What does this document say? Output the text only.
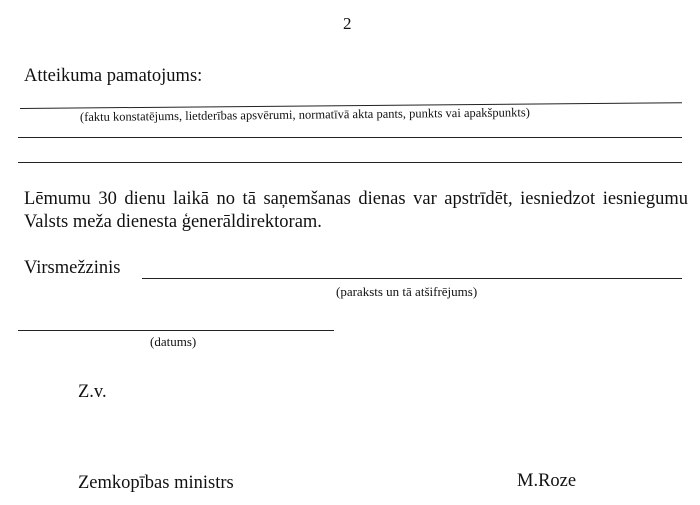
2
Atteikuma pamatojums:
(faktu konstatējums, lietderības apsvērumi, normatīvā akta pants, punkts vai apakšpunkts)
Lēmumu 30 dienu laikā no tā saņemšanas dienas var apstrīdēt, iesniedzot iesniegumu Valsts meža dienesta ģenerāldirektoram.
Virsmežzinis
(paraksts un tā atšifrējums)
(datums)
Z.v.
Zemkopības ministrs	M.Roze
